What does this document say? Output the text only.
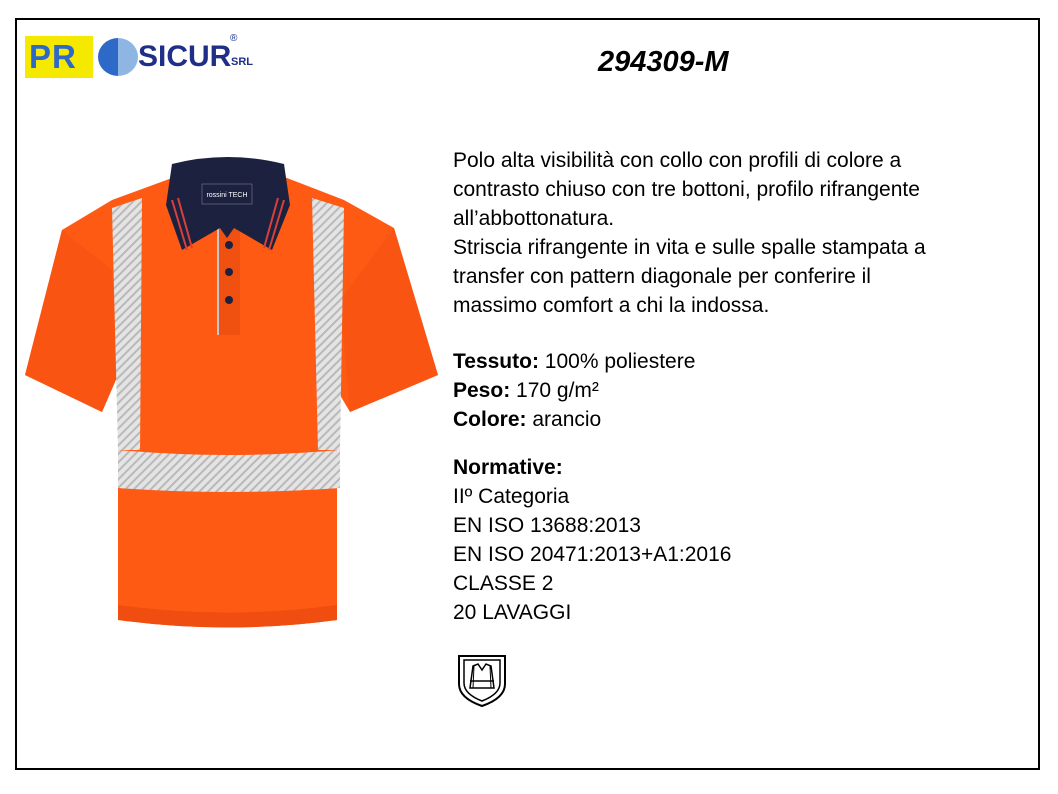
PR SICUR
®
SRL	294309-M
rossini TECH
Polo alta visibilità con collo con profili di colore a
contrasto chiuso con tre bottoni, profilo rifrangente
all’abbottonatura.
Striscia rifrangente in vita e sulle spalle stampata a
transfer con pattern diagonale per conferire il
massimo comfort a chi la indossa.
Tessuto: 100% poliestere
Peso: 170 g/m²
Colore: arancio
Normative:
IIº Categoria
EN ISO 13688:2013
EN ISO 20471:2013+A1:2016
CLASSE 2
20 LAVAGGI
